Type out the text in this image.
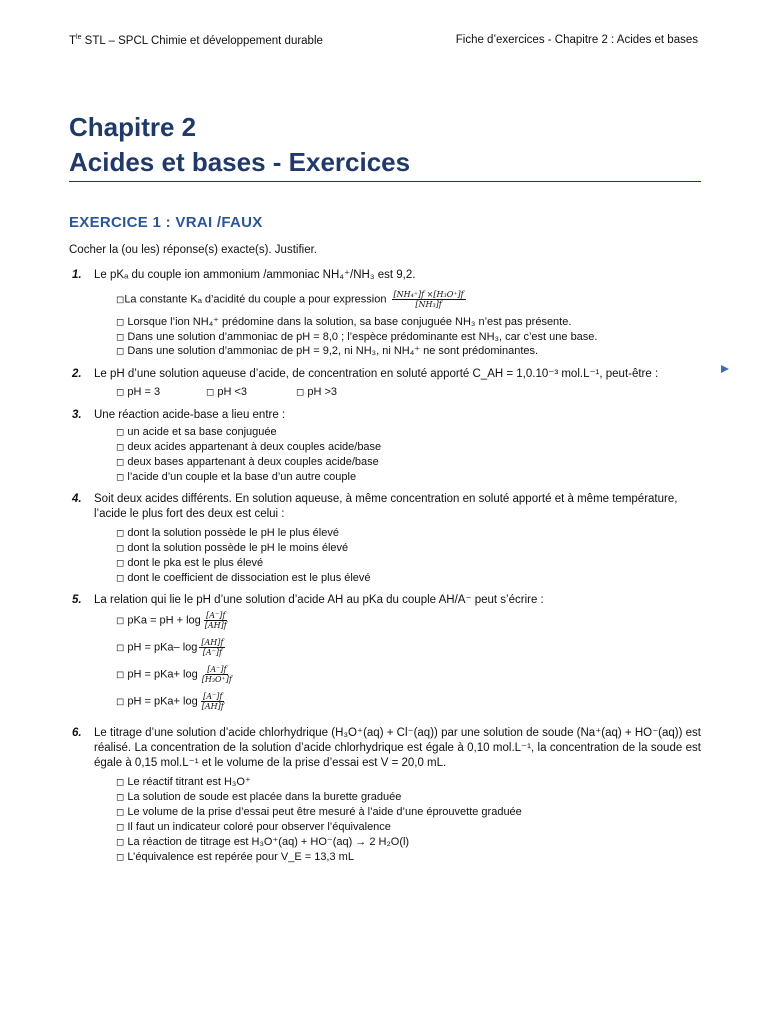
$T^{le}$ STL – SPCL Chimie et développement durable	Fiche d’exercices - Chapitre 2 : Acides et bases
Chapitre 2
Acides et bases - Exercices
EXERCICE 1 : VRAI /FAUX
Cocher la (ou les) réponse(s) exacte(s). Justifier.
1. Le pKₐ du couple ion ammonium /ammoniac NH₄⁺/NH₃ est 9,2.
◻La constante Kₐ d’acidité du couple a pour expression $\frac{\text{[NH₄⁺]f ×[H₃O⁺]f}}{\text{[NH₃]f}}$
◻ Lorsque l’ion NH₄⁺ prédomine dans la solution, sa base conjuguée NH₃ n’est pas présente.
◻ Dans une solution d’ammoniac de pH = 8,0 ; l’espèce prédominante est NH₃, car c’est une base.
◻ Dans une solution d’ammoniac de pH = 9,2, ni NH₃, ni NH₄⁺ ne sont prédominantes.
2. Le pH d’une solution aqueuse d’acide, de concentration en soluté apporté C_AH = 1,0.10⁻³ mol.L⁻¹, peut-être :
◻ pH = 3	◻ pH <3	◻ pH >3
3. Une réaction acide-base a lieu entre :
◻ un acide et sa base conjuguée
◻ deux acides appartenant à deux couples acide/base
◻ deux bases appartenant à deux couples acide/base
◻ l’acide d’un couple et la base d’un autre couple
4. Soit deux acides différents. En solution aqueuse, à même concentration en soluté apporté et à même température, l’acide le plus fort des deux est celui :
◻ dont la solution possède le pH le plus élevé
◻ dont la solution possède le pH le moins élevé
◻ dont le pka est le plus élevé
◻ dont le coefficient de dissociation est le plus élevé
5. La relation qui lie le pH d’une solution d’acide AH au pKa du couple AH/A⁻ peut s’écrire :
◻ pKa = pH + $\log \frac{[A^-]f}{[AH]f}$
◻ pH = pKa– $\log \frac{[AH]f}{[A^-]f}$
◻ pH = $pKa+ \log \frac{[A^-]f}{\text{[H₃O⁺]f}}$
◻ pH = $pKa+ \log \frac{[A^-]f}{[AH]f}$
6. Le titrage d’une solution d’acide chlorhydrique (H₃O⁺(aq) + Cl⁻(aq)) par une solution de soude (Na⁺(aq) + HO⁻(aq)) est réalisé. La concentration de la solution d’acide chlorhydrique est égale à 0,10 mol.L⁻¹, la concentration de la soude est égale à 0,15 mol.L⁻¹ et le volume de la prise d’essai est V = 20,0 mL.
◻ Le réactif titrant est H₃O⁺
◻ La solution de soude est placée dans la burette graduée
◻ Le volume de la prise d’essai peut être mesuré à l’aide d’une éprouvette graduée
◻ Il faut un indicateur coloré pour observer l’équivalence
◻ La réaction de titrage est H₃O⁺(aq) + HO⁻(aq) → 2 H₂O(l)
◻ L’équivalence est repérée pour V_E = 13,3 mL
